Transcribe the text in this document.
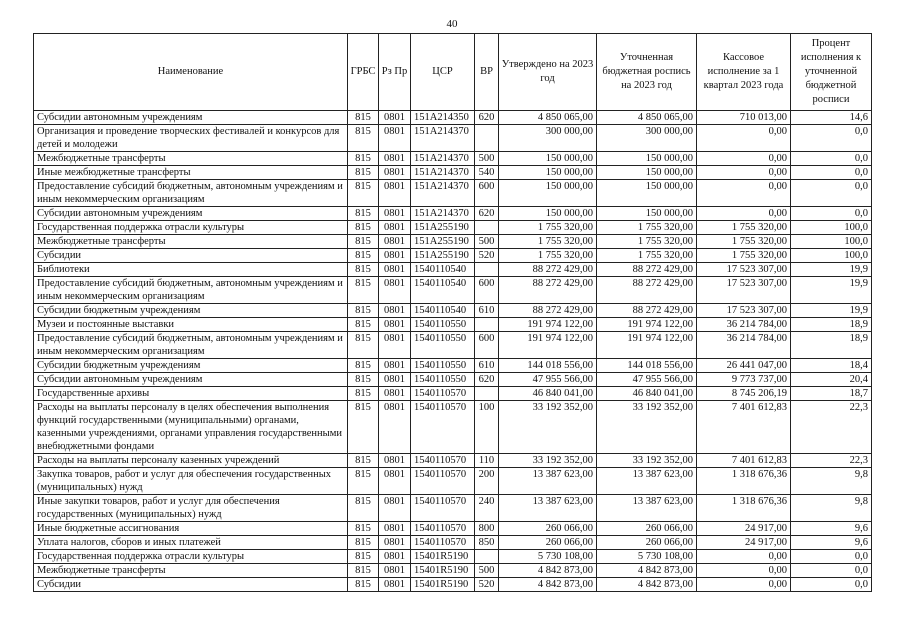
40
Наименование	ГРБС	Рз Пр	ЦСР	ВР	Утверждено на 2023 год	Уточненная бюджетная роспись на 2023 год	Кассовое исполнение за 1 квартал 2023 года	Процент исполнения к уточненной бюджетной росписи
Субсидии автономным учреждениям	815	0801	151A214350	620	4 850 065,00	4 850 065,00	710 013,00	14,6
Организация и проведение творческих фестивалей и конкурсов для детей и молодежи	815	0801	151A214370		300 000,00	300 000,00	0,00	0,0
Межбюджетные трансферты	815	0801	151A214370	500	150 000,00	150 000,00	0,00	0,0
Иные межбюджетные трансферты	815	0801	151A214370	540	150 000,00	150 000,00	0,00	0,0
Предоставление субсидий бюджетным, автономным учреждениям и иным некоммерческим организациям	815	0801	151A214370	600	150 000,00	150 000,00	0,00	0,0
Субсидии автономным учреждениям	815	0801	151A214370	620	150 000,00	150 000,00	0,00	0,0
Государственная поддержка отрасли культуры	815	0801	151A255190		1 755 320,00	1 755 320,00	1 755 320,00	100,0
Межбюджетные трансферты	815	0801	151A255190	500	1 755 320,00	1 755 320,00	1 755 320,00	100,0
Субсидии	815	0801	151A255190	520	1 755 320,00	1 755 320,00	1 755 320,00	100,0
Библиотеки	815	0801	1540110540		88 272 429,00	88 272 429,00	17 523 307,00	19,9
Предоставление субсидий бюджетным, автономным учреждениям и иным некоммерческим организациям	815	0801	1540110540	600	88 272 429,00	88 272 429,00	17 523 307,00	19,9
Субсидии бюджетным учреждениям	815	0801	1540110540	610	88 272 429,00	88 272 429,00	17 523 307,00	19,9
Музеи и постоянные выставки	815	0801	1540110550		191 974 122,00	191 974 122,00	36 214 784,00	18,9
Предоставление субсидий бюджетным, автономным учреждениям и иным некоммерческим организациям	815	0801	1540110550	600	191 974 122,00	191 974 122,00	36 214 784,00	18,9
Субсидии бюджетным учреждениям	815	0801	1540110550	610	144 018 556,00	144 018 556,00	26 441 047,00	18,4
Субсидии автономным учреждениям	815	0801	1540110550	620	47 955 566,00	47 955 566,00	9 773 737,00	20,4
Государственные архивы	815	0801	1540110570		46 840 041,00	46 840 041,00	8 745 206,19	18,7
Расходы на выплаты персоналу в целях обеспечения выполнения функций государственными (муниципальными) органами, казенными учреждениями, органами управления государственными внебюджетными фондами	815	0801	1540110570	100	33 192 352,00	33 192 352,00	7 401 612,83	22,3
Расходы на выплаты персоналу казенных учреждений	815	0801	1540110570	110	33 192 352,00	33 192 352,00	7 401 612,83	22,3
Закупка товаров, работ и услуг для обеспечения государственных (муниципальных) нужд	815	0801	1540110570	200	13 387 623,00	13 387 623,00	1 318 676,36	9,8
Иные закупки товаров, работ и услуг для обеспечения государственных (муниципальных) нужд	815	0801	1540110570	240	13 387 623,00	13 387 623,00	1 318 676,36	9,8
Иные бюджетные ассигнования	815	0801	1540110570	800	260 066,00	260 066,00	24 917,00	9,6
Уплата налогов, сборов и иных платежей	815	0801	1540110570	850	260 066,00	260 066,00	24 917,00	9,6
Государственная поддержка отрасли культуры	815	0801	15401R5190		5 730 108,00	5 730 108,00	0,00	0,0
Межбюджетные трансферты	815	0801	15401R5190	500	4 842 873,00	4 842 873,00	0,00	0,0
Субсидии	815	0801	15401R5190	520	4 842 873,00	4 842 873,00	0,00	0,0
